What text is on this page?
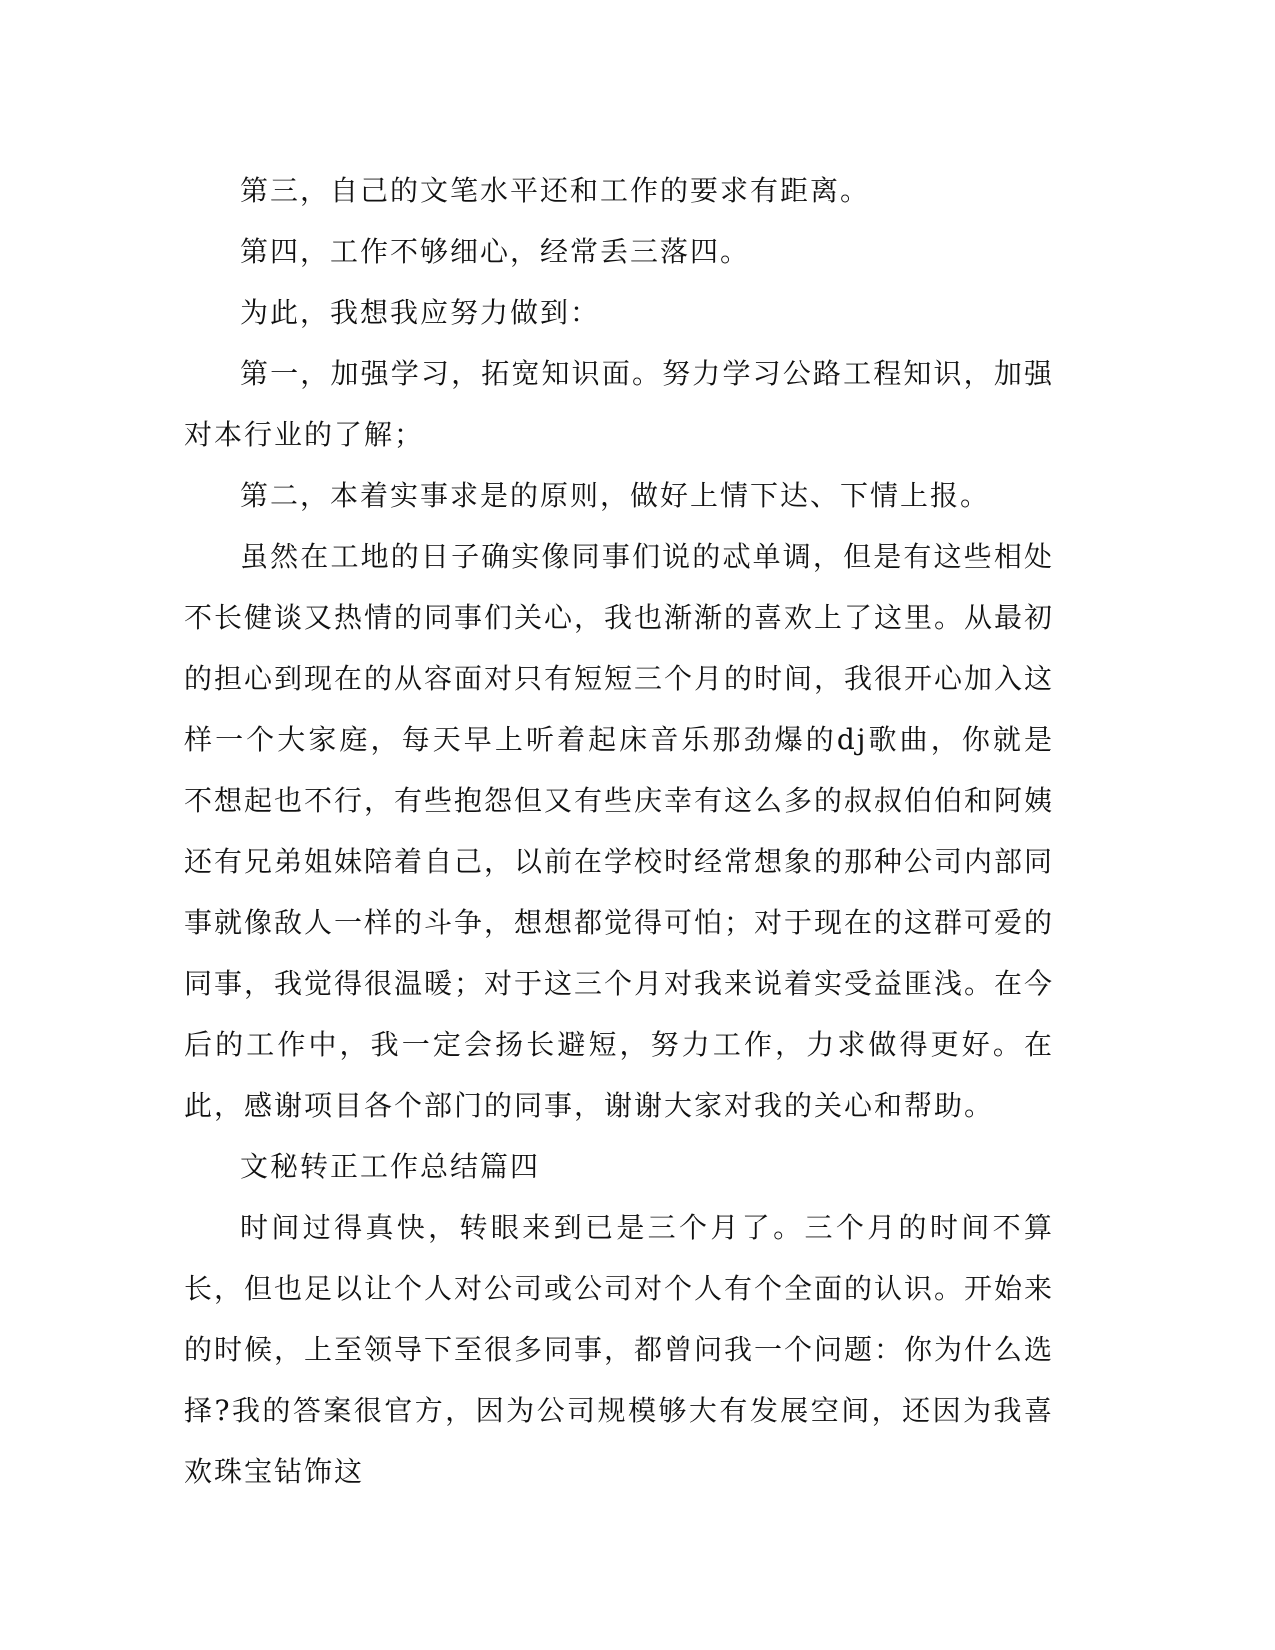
第三，自己的文笔水平还和工作的要求有距离。

第四，工作不够细心，经常丢三落四。

为此，我想我应努力做到：

第一，加强学习，拓宽知识面。努力学习公路工程知识，加强对本行业的了解；

第二，本着实事求是的原则，做好上情下达、下情上报。

虽然在工地的日子确实像同事们说的忒单调，但是有这些相处不长健谈又热情的同事们关心，我也渐渐的喜欢上了这里。从最初的担心到现在的从容面对只有短短三个月的时间，我很开心加入这样一个大家庭，每天早上听着起床音乐那劲爆的dj歌曲，你就是不想起也不行，有些抱怨但又有些庆幸有这么多的叔叔伯伯和阿姨还有兄弟姐妹陪着自己，以前在学校时经常想象的那种公司内部同事就像敌人一样的斗争，想想都觉得可怕；对于现在的这群可爱的同事，我觉得很温暖；对于这三个月对我来说着实受益匪浅。在今后的工作中，我一定会扬长避短，努力工作，力求做得更好。在此，感谢项目各个部门的同事，谢谢大家对我的关心和帮助。

文秘转正工作总结篇四

时间过得真快，转眼来到已是三个月了。三个月的时间不算长，但也足以让个人对公司或公司对个人有个全面的认识。开始来的时候，上至领导下至很多同事，都曾问我一个问题：你为什么选择?我的答案很官方，因为公司规模够大有发展空间，还因为我喜欢珠宝钻饰这
